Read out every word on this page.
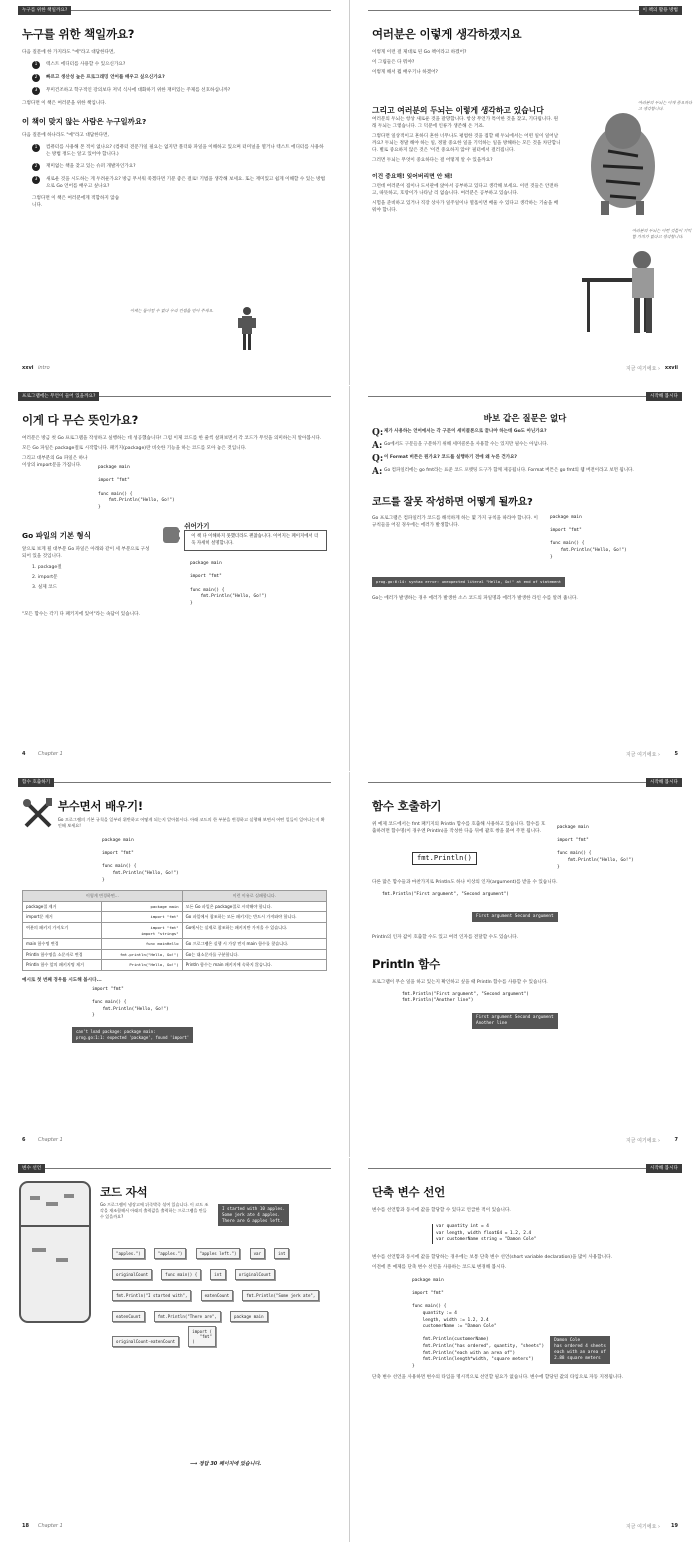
누구를 위한 책일까요?
누구를 위한 책일까요?

다음 질문에 한 가지라도 "예"라고 대답한다면,

1	텍스트 에디터를 사용할 수 있으신가요?
2	빠르고 생산성 높은 프로그래밍 언어를 배우고 싶으신가요?
3	무미건조하고 학구적인 강의보다 저녁 식사에 대화하기 위한 재미있는 주제를 선호하십니까?

그렇다면 이 책은 여러분을 위한 책입니다.

이 책이 맞지 않는 사람은 누구일까요?

다음 질문에 하나라도 "예"라고 대답한다면,

1	컴퓨터를 사용해 본 적이 없나요? (컴퓨터 전문가일 필요는 없지만 폴더와 파일을 이해하고 있으며 터미널을 열거나 텍스트 에디터를 사용하는 방법 정도는 알고 있어야 합니다.)
2	재미없는 책을 찾고 있는 슈퍼 개발자인가요?
3	새로운 것을 시도하는 게 두려운가요? 방금 무서워 죽겠다면 기분 좋은 걸로! 기법을 생각해 보세요. 또는 재미있고 쉽게 이해할 수 있는 방법으로 Go 언어를 배우고 싶나요?

그렇다면 이 책은 여러분에게 적합하지 않습니다.

이제는 돌이킬 수 없다 우리 컨셉을 믿어 주세요.
xxvi intro
이 책의 활용 방법
여러분은 이렇게 생각하겠지요

이렇게 이런 걸 제대로 된 Go 책이라고 하겠어?

이 그림들은 다 뭐야?

이렇게 해서 뭘 배우기나 하겠어?

그리고 여러분의 두뇌는 이렇게 생각하고 있습니다

여러분의 두뇌는 항상 새로운 것을 갈망합니다. 항상 무언가 특이한 것을 찾고, 기다립니다. 원래 두뇌는 그렇습니다. 그 덕분에 인류가 생존해 온 거죠.

그렇다면 일상적이고 흔하디 흔한 너무나도 평범한 것을 접할 때 두뇌에서는 어떤 일이 일어날까요? 두뇌는 정말 해야 하는 일, 정말 중요한 일을 기억하는 일을 방해하는 모든 것을 차단합니다. 별로 중요하지 않은 것은 '이건 중요하지 않아' 필터에서 걸러집니다.

그러면 두뇌는 무엇이 중요하다는 걸 어떻게 알 수 있을까요?

이건 중요해! 잊어버리면 안 돼!

그런데 여러분이 집이나 도서관에 앉아서 공부하고 있다고 생각해 보세요. 이런 것들은 안전하고, 따뜻하고, 호랑이가 나타날 리 없습니다. 여러분은 공부하고 있습니다.

시험을 준비하고 있거나 직장 상사가 일주일이나 열흘이면 배울 수 있다고 생각하는 기술을 배워야 합니다.

여러분의 두뇌는 이게 중요하다고 생각합니다.
여러분의 두뇌는 이런 것들이 기억할 가치가 없다고 생각합니다.
xxvii
지금 여기에요 ›
프로그램에는 무언이 들어 있을까요?
이게 다 무슨 뜻인가요?

여러분은 방금 첫 Go 프로그램을 작성하고 실행하는 데 성공했습니다! 그럼 이제 코드를 한 줄씩 살펴보면서 각 코드가 무엇을 의미하는지 알아봅시다.

모든 Go 파일은 package절로 시작합니다. 패키지(package)란 비슷한 기능을 하는 코드를 모아 놓은 것입니다.

그리고 대부분의 Go 파일은 하나 이상의 import문을 가집니다.	package main

import "fmt"

func main() {
fmt.Println("Hello, Go!")
}
Go 파일의 기본 형식

앞으로 보게 될 대부분 Go 파일은 아래와 같이 세 부분으로 구성되어 있을 것입니다.

1. package절

2. import문

3. 실제 코드

쉬어가기
이 책 다 이해하지 못했더라도 괜찮습니다. 이어지는 페이지에서 더욱 자세히 설명합니다.
package main

import "fmt"

func main() {
fmt.Println("Hello, Go!")
}

"모든 함수는 각기 다 패키지에 있어"라는 속담이 있습니다.

4	Chapter 1
시작해 봅시다
바보 같은 질문은 없다
Q: 제가 사용하는 언어에서는 각 구문이 세미콜론으로 끝나야 하는데 Go도 아닌가요?
A: Go에서도 구문들을 구분하기 위해 세미콜론을 사용할 수는 있지만 필수는 아닙니다.
Q: 이 Format 버튼은 뭔가요? 코드를 실행하기 전에 왜 누른 건가요?
A: Go 컴파일러에는 go fmt라는 표준 코드 포맷팅 도구가 함께 제공됩니다. Format 버튼은 go fmt의 웹 버전이라고 보면 됩니다.
코드를 잘못 작성하면 어떻게 될까요?

Go 프로그램은 컴파일러가 코드를 해석하게 하는 몇 가지 규칙을 따라야 합니다. 이 규칙들을 어길 경우에는 에러가 발생합니다.

package main

import "fmt"

func main() {
fmt.Println("Hello, Go!")
}
prog.go:6:14: syntax error: unexpected literal "Hello, Go!" at end of statement

Go는 에러가 발생하는 경우 에러가 발생한 소스 코드의 파일명과 에러가 발생한 라인 수를 알려 줍니다.

5
지금 여기에요 ›
함수 호출하기
부수면서 배우기!

Go 프로그램의 기본 규칙을 일부러 위반하고 어떻게 되는지 알아봅시다. 아래 코드의 한 부분을 변경하고 실행해 보면서 어떤 일들이 일어나는지 확인해 보세요!

package main

import "fmt"

func main() {
fmt.Println("Hello, Go!")
}
이렇게 변경하면...		이런 이유로 실패합니다.
package절 제거	package main	모든 Go 파일은 package절로 시작해야 합니다.
import문 제거	import "fmt"	Go 파일에서 참조하는 모든 패키지는 반드시 가져와야 합니다.
여분의 패키지 가져오기	import "fmt"
import "strings"	Go에서는 실제로 참조하는 패키지만 가져올 수 있습니다.
main 함수명 변경	func mainHello	Go 프로그램은 실행 시 가장 먼저 main 함수를 찾습니다.
Println 함수명을 소문자로 변경	fmt.println("Hello, Go!")	Go는 대소문자를 구분합니다.
Println 함수 앞의 패키지명 제거	Println("Hello, Go!")	Println 함수는 main 패키지에 속하지 않습니다.

예시로 첫 번째 경우를 시도해 봅시다...

import "fmt"

func main() {
fmt.Println("Hello, Go!")
}
can't load package: package main:
prog.go:1:1: expected 'package', found 'import'
6	Chapter 1
시작해 봅시다
함수 호출하기

위 예제 코드에서는 fmt 패키지의 Println 함수를 호출해 사용하고 있습니다. 함수를 호출하려면 함수명(이 경우엔 Println)을 작성한 다음 뒤에 괄호 쌍을 붙여 주면 됩니다.

fmt.Println()
package main

import "fmt"

func main() {
fmt.Println("Hello, Go!")
}

다른 많은 함수들과 마찬가지로 Println도 하나 이상의 인자(argument)를 받을 수 있습니다.

fmt.Println("First argument", "Second argument")
First argument Second argument

Println의 인자 값이 호출할 수도 있고 여러 인자를 전달할 수도 있습니다.

Println 함수

프로그램이 무슨 일을 하고 있는지 확인하고 싶을 때 Println 함수를 사용할 수 있습니다.

fmt.Println("First argument", "Second argument")
fmt.Println("Another line")
First argument Second argument
Another line
7
지금 여기에요 ›
변수 선언
코드 자석

Go 프로그램이 냉장고에 뒤죽박죽 섞여 있습니다. 이 코드 조각을 재조합해서 아래의 출력값을 출력하는 프로그램을 만들 수 있을까요?

I started with 10 apples.
Some jerk ate 4 apples.
There are 6 apples left.
"apples.")	"apples.")	"apples left.")	var	int originalCount	func main() {	int	originalCount fmt.Println("I started with",	eatenCount	fmt.Println("Some jerk ate", eatenCount	fmt.Println("There are",	package main originalCount-eatenCount import (
"fmt"
)
⟶ 정답 30 페이지에 있습니다.
18 Chapter 1
시작해 봅시다
단축 변수 선언

변수를 선언함과 동시에 값을 할당할 수 있다고 언급한 적이 있습니다.

var quantity int = 4
var length, width float64 = 1.2, 2.4
var customerName string = "Damon Cole"

변수를 선언함과 동시에 값을 할당하는 경우에는 보통 단축 변수 선언(short variable declaration)을 많이 사용합니다.

이전에 본 예제를 단축 변수 선언을 사용하는 코드로 변경해 봅시다.

package main

import "fmt"

func main() {
quantity := 4
length, width := 1.2, 2.4
customerName := "Damon Cole"

fmt.Println(customerName)
fmt.Println("has ordered", quantity, "sheets")
fmt.Println("each with an area of")
fmt.Println(length*width, "square meters")
}
Damon Cole
has ordered 4 sheets
each with an area of
2.88 square meters

단축 변수 선언을 사용하면 변수의 타입을 명시적으로 선언할 필요가 없습니다. 변수에 할당된 값의 타입으로 자동 지정됩니다.

19
지금 여기에요 ›
